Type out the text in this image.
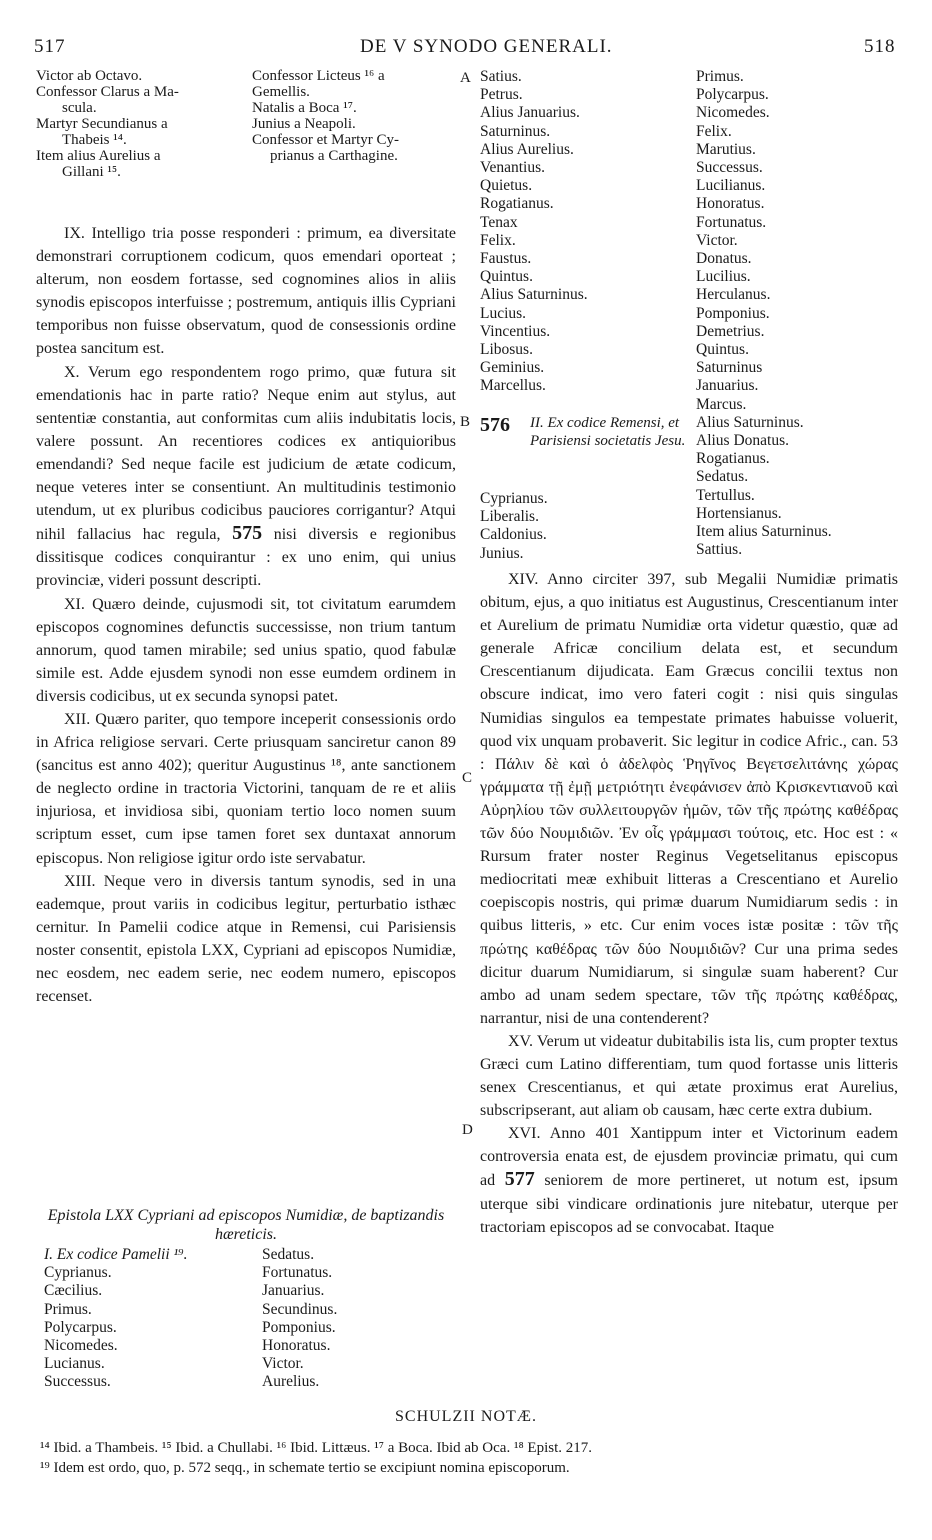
517	DE V SYNODO GENERALI.	518
Victor ab Octavo.
Confessor Clarus a Ma-
scula.
Martyr Secundianus a
Thabeis ¹⁴.
Item alius Aurelius a
Gillani ¹⁵.
Confessor Licteus ¹⁶ a
Gemellis.
Natalis a Boca ¹⁷.
Junius a Neapoli.
Confessor et Martyr Cy-
prianus a Carthagine.
A
B
C
D

IX. Intelligo tria posse responderi : primum, ea diversitate demonstrari corruptionem codicum, quos emendari oporteat ; alterum, non eosdem fortasse, sed cognomines alios in aliis synodis episcopos interfuisse ; postremum, antiquis illis Cypriani temporibus non fuisse observatum, quod de consessionis ordine postea sancitum est.

X. Verum ego respondentem rogo primo, quæ futura sit emendationis hac in parte ratio? Neque enim aut stylus, aut sententiæ constantia, aut conformitas cum aliis indubitatis locis, valere possunt. An recentiores codices ex antiquioribus emendandi? Sed neque facile est judicium de ætate codicum, neque veteres inter se consentiunt. An multitudinis testimonio utendum, ut ex pluribus codicibus pauciores corrigantur? Atqui nihil fallacius hac regula, 575 nisi diversis e regionibus dissitisque codices conquirantur : ex uno enim, qui unius provinciæ, videri possunt descripti.

XI. Quæro deinde, cujusmodi sit, tot civitatum earumdem episcopos cognomines defunctis successisse, non trium tantum annorum, quod tamen mirabile; sed unius spatio, quod fabulæ simile est. Adde ejusdem synodi non esse eumdem ordinem in diversis codicibus, ut ex secunda synopsi patet.

XII. Quæro pariter, quo tempore inceperit consessionis ordo in Africa religiose servari. Certe priusquam sanciretur canon 89 (sancitus est anno 402); queritur Augustinus ¹⁸, ante sanctionem de neglecto ordine in tractoria Victorini, tanquam de re et aliis injuriosa, et invidiosa sibi, quoniam tertio loco nomen suum scriptum esset, cum ipse tamen foret sex duntaxat annorum episcopus. Non religiose igitur ordo iste servabatur.

XIII. Neque vero in diversis tantum synodis, sed in una eademque, prout variis in codicibus legitur, perturbatio isthæc cernitur. In Pamelii codice atque in Remensi, cui Parisiensis noster consentit, epistola LXX, Cypriani ad episcopos Numidiæ, nec eosdem, nec eadem serie, nec eodem numero, episcopos recenset.

Epistola LXX Cypriani ad episcopos Numidiæ, de baptizandis hæreticis.
I. Ex codice Pamelii ¹⁹.
Cyprianus.
Cæcilius.
Primus.
Polycarpus.
Nicomedes.
Lucianus.
Successus.
Sedatus.
Fortunatus.
Januarius.
Secundinus.
Pomponius.
Honoratus.
Victor.
Aurelius.
Satius.
Petrus.
Alius Januarius.
Saturninus.
Alius Aurelius.
Venantius.
Quietus.
Rogatianus.
Tenax
Felix.
Faustus.
Quintus.
Alius Saturninus.
Lucius.
Vincentius.
Libosus.
Geminius.
Marcellus.
Primus.
Polycarpus.
Nicomedes.
Felix.
Marutius.
Successus.
Lucilianus.
Honoratus.
Fortunatus.
Victor.
Donatus.
Lucilius.
Herculanus.
Pomponius.
Demetrius.
Quintus.
Saturninus
Januarius.
Marcus.
Alius Saturninus.
Alius Donatus.
Rogatianus.
Sedatus.
Tertullus.
Hortensianus.
Item alius Saturninus.
Sattius.
576 II. Ex codice Remensi, et Parisiensi societatis Jesu.
Cyprianus.
Liberalis.
Caldonius.
Junius.

XIV. Anno circiter 397, sub Megalii Numidiæ primatis obitum, ejus, a quo initiatus est Augustinus, Crescentianum inter et Aurelium de primatu Numidiæ orta videtur quæstio, quæ ad generale Africæ concilium delata est, et secundum Crescentianum dijudicata. Eam Græcus concilii textus non obscure indicat, imo vero fateri cogit : nisi quis singulas Numidias singulos ea tempestate primates habuisse voluerit, quod vix unquam probaverit. Sic legitur in codice Afric., can. 53 : Πάλιν δὲ καὶ ὁ ἀδελφὸς Ῥηγῖνος Βεγετσελιτάνης χώρας γράμματα τῇ ἐμῇ μετριότητι ἐνεφάνισεν ἀπὸ Κρισκεντιανοῦ καὶ Αὐρηλίου τῶν συλλειτουργῶν ἡμῶν, τῶν τῆς πρώτης καθέδρας τῶν δύο Νουμιδιῶν. Ἐν οἷς γράμμασι τούτοις, etc. Hoc est : « Rursum frater noster Reginus Vegetselitanus episcopus mediocritati meæ exhibuit litteras a Crescentiano et Aurelio coepiscopis nostris, qui primæ duarum Numidiarum sedis : in quibus litteris, » etc. Cur enim voces istæ positæ : τῶν τῆς πρώτης καθέδρας τῶν δύο Νουμιδιῶν? Cur una prima sedes dicitur duarum Numidiarum, si singulæ suam haberent? Cur ambo ad unam sedem spectare, τῶν τῆς πρώτης καθέδρας, narrantur, nisi de una contenderent?

XV. Verum ut videatur dubitabilis ista lis, cum propter textus Græci cum Latino differentiam, tum quod fortasse unis litteris senex Crescentianus, et qui ætate proximus erat Aurelius, subscripserant, aut aliam ob causam, hæc certe extra dubium.

XVI. Anno 401 Xantippum inter et Victorinum eadem controversia enata est, de ejusdem provinciæ primatu, qui cum ad 577 seniorem de more pertineret, ut notum est, ipsum uterque sibi vindicare ordinationis jure nitebatur, uterque per tractoriam episcopos ad se convocabat. Itaque

SCHULZII NOTÆ.
¹⁴ Ibid. a Thambeis. ¹⁵ Ibid. a Chullabi. ¹⁶ Ibid. Littæus. ¹⁷ a Boca. Ibid ab Oca. ¹⁸ Epist. 217.
¹⁹ Idem est ordo, quo, p. 572 seqq., in schemate tertio se excipiunt nomina episcoporum.
